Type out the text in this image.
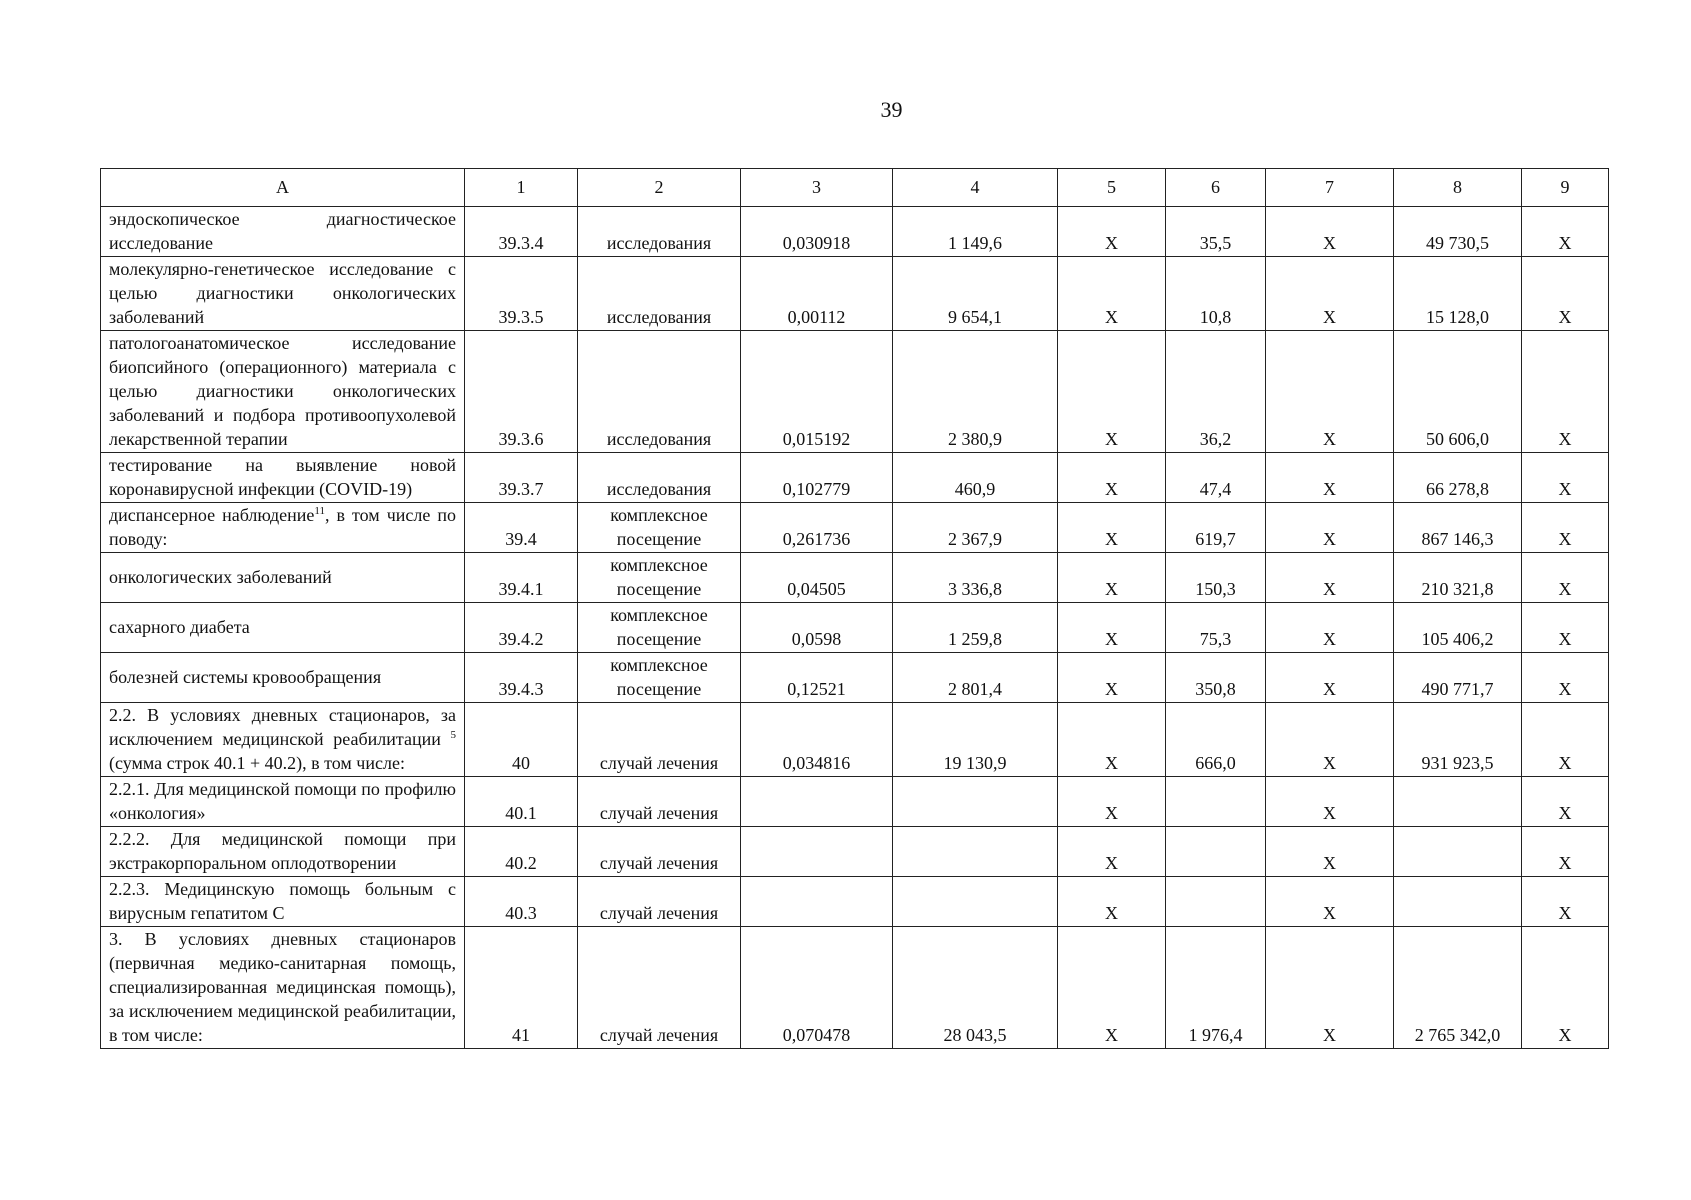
39
А	1	2	3	4	5	6	7	8	9
эндоскопическое диагностическое исследование	39.3.4	исследования	0,030918	1 149,6	X	35,5	X	49 730,5	X
молекулярно-генетическое исследование с целью диагностики онкологических заболеваний	39.3.5	исследования	0,00112	9 654,1	X	10,8	X	15 128,0	X
патологоанатомическое исследование биопсийного (операционного) материала с целью диагностики онкологических заболеваний и подбора противоопухолевой лекарственной терапии	39.3.6	исследования	0,015192	2 380,9	X	36,2	X	50 606,0	X
тестирование на выявление новой коронавирусной инфекции (COVID-19)	39.3.7	исследования	0,102779	460,9	X	47,4	X	66 278,8	X
диспансерное наблюдение$^{11}$, в том числе по поводу:	39.4	комплексное посещение	0,261736	2 367,9	X	619,7	X	867 146,3	X
онкологических заболеваний	39.4.1	комплексное посещение	0,04505	3 336,8	X	150,3	X	210 321,8	X
сахарного диабета	39.4.2	комплексное посещение	0,0598	1 259,8	X	75,3	X	105 406,2	X
болезней системы кровообращения	39.4.3	комплексное посещение	0,12521	2 801,4	X	350,8	X	490 771,7	X
2.2. В условиях дневных стационаров, за исключением медицинской реабилитации $^5$ (сумма строк 40.1 + 40.2), в том числе:	40	случай лечения	0,034816	19 130,9	X	666,0	X	931 923,5	X
2.2.1. Для медицинской помощи по профилю «онкология»	40.1	случай лечения			X		X		X
2.2.2. Для медицинской помощи при экстракорпоральном оплодотворении	40.2	случай лечения			X		X		X
2.2.3. Медицинскую помощь больным с вирусным гепатитом С	40.3	случай лечения			X		X		X
3. В условиях дневных стационаров (первичная медико-санитарная помощь, специализированная медицинская помощь), за исключением медицинской реабилитации, в том числе:	41	случай лечения	0,070478	28 043,5	X	1 976,4	X	2 765 342,0	X
